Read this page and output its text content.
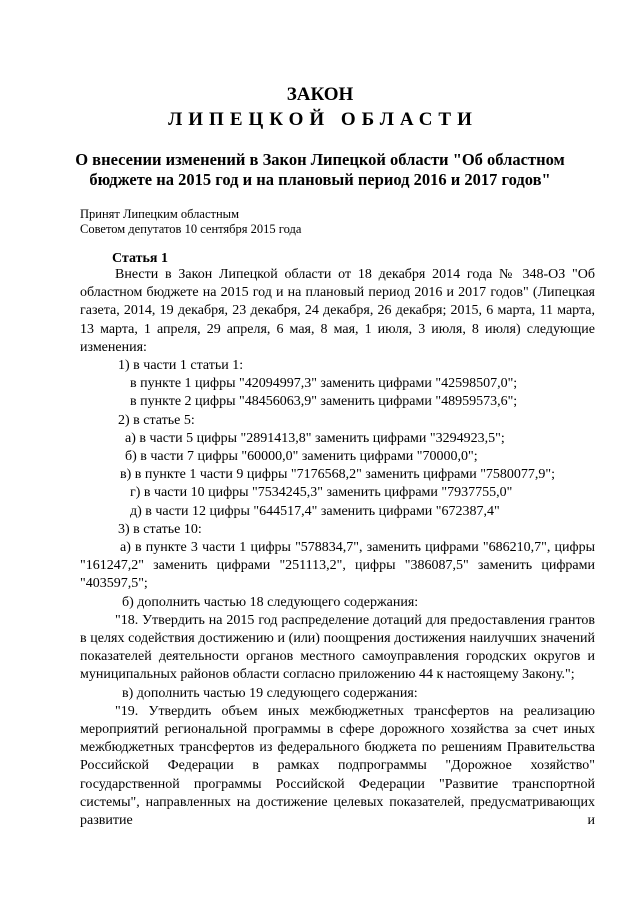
ЗАКОН
ЛИПЕЦКОЙ ОБЛАСТИ
О внесении изменений в Закон Липецкой области "Об областном бюджете на 2015 год и на плановый период 2016 и 2017 годов"
Принят Липецким областным
Советом депутатов 10 сентября 2015 года
Статья 1

Внести в Закон Липецкой области от 18 декабря 2014 года № 348-ОЗ "Об областном бюджете на 2015 год и на плановый период 2016 и 2017 годов" (Липецкая газета, 2014, 19 декабря, 23 декабря, 24 декабря, 26 декабря; 2015, 6 марта, 11 марта, 13 марта, 1 апреля, 29 апреля, 6 мая, 8 мая, 1 июля, 3 июля, 8 июля) следующие изменения:

1) в части 1 статьи 1:

в пункте 1 цифры "42094997,3" заменить цифрами "42598507,0";

в пункте 2 цифры "48456063,9" заменить цифрами "48959573,6";

2) в статье 5:

а) в части 5 цифры "2891413,8" заменить цифрами "3294923,5";

б) в части 7 цифры "60000,0" заменить цифрами "70000,0";

в) в пункте 1 части 9 цифры "7176568,2" заменить цифрами "7580077,9";

г) в части 10 цифры "7534245,3" заменить цифрами "7937755,0"

д) в части 12 цифры "644517,4" заменить цифрами "672387,4"

3) в статье 10:

а) в пункте 3 части 1 цифры "578834,7", заменить цифрами "686210,7", цифры "161247,2" заменить цифрами "251113,2", цифры "386087,5" заменить цифрами "403597,5";

б) дополнить частью 18 следующего содержания:

"18. Утвердить на 2015 год распределение дотаций для предоставления грантов в целях содействия достижению и (или) поощрения достижения наилучших значений показателей деятельности органов местного самоуправления городских округов и муниципальных районов области согласно приложению 44 к настоящему Закону.";

в) дополнить частью 19 следующего содержания:

"19. Утвердить объем иных межбюджетных трансфертов на реализацию мероприятий региональной программы в сфере дорожного хозяйства за счет иных межбюджетных трансфертов из федерального бюджета по решениям Правительства Российской Федерации в рамках подпрограммы "Дорожное хозяйство" государственной программы Российской Федерации "Развитие транспортной системы", направленных на достижение целевых показателей, предусматривающих развитие и
